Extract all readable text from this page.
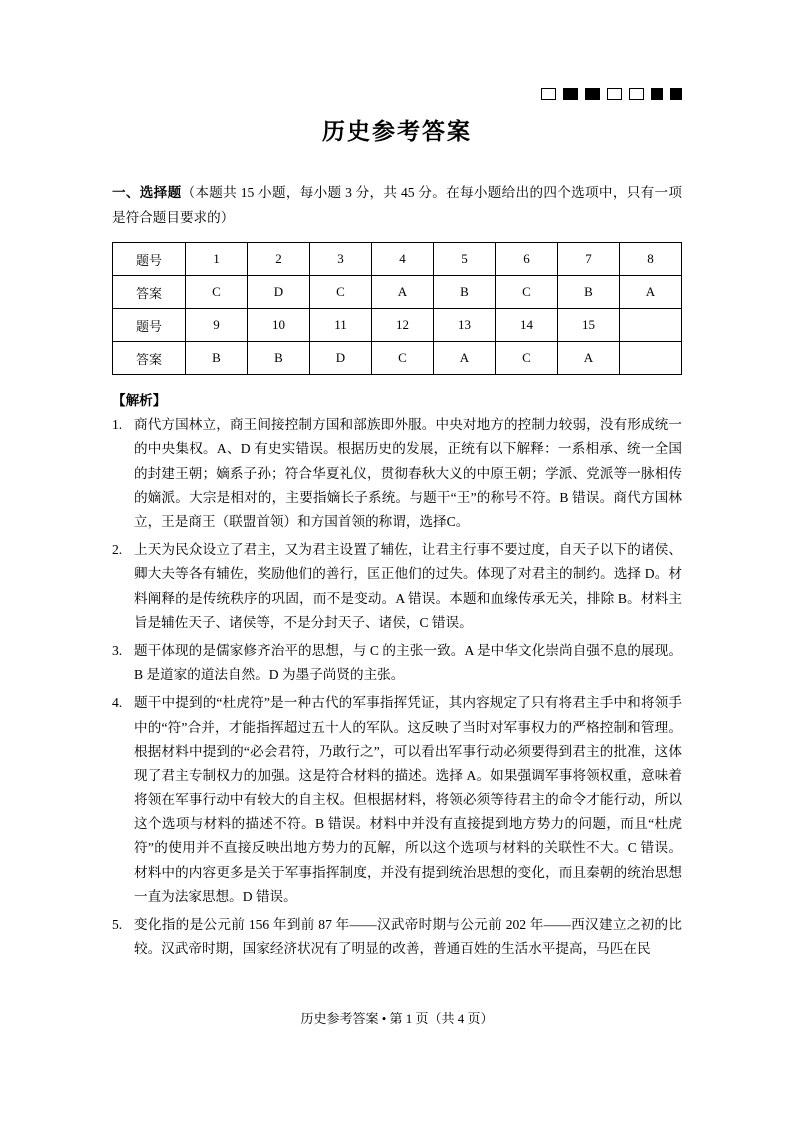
历史参考答案
一、选择题（本题共 15 小题，每小题 3 分，共 45 分。在每小题给出的四个选项中，只有一项是符合题目要求的）
题号	1	2	3	4	5	6	7	8
答案	C	D	C	A	B	C	B	A
题号	9	10	11	12	13	14	15	
答案	B	B	D	C	A	C	A	
【解析】
1. 商代方国林立，商王间接控制方国和部族即外服。中央对地方的控制力较弱，没有形成统一的中央集权。A、D 有史实错误。根据历史的发展，正统有以下解释：一系相承、统一全国的封建王朝；嫡系子孙；符合华夏礼仪，贯彻春秋大义的中原王朝；学派、党派等一脉相传的嫡派。大宗是相对的，主要指嫡长子系统。与题干“王”的称号不符。B 错误。商代方国林立，王是商王（联盟首领）和方国首领的称谓，选择C。
2. 上天为民众设立了君主，又为君主设置了辅佐，让君主行事不要过度，自天子以下的诸侯、卿大夫等各有辅佐，奖励他们的善行，匡正他们的过失。体现了对君主的制约。选择 D。材料阐释的是传统秩序的巩固，而不是变动。A 错误。本题和血缘传承无关，排除 B。材料主旨是辅佐天子、诸侯等，不是分封天子、诸侯，C 错误。
3. 题干体现的是儒家修齐治平的思想，与 C 的主张一致。A 是中华文化崇尚自强不息的展现。B 是道家的道法自然。D 为墨子尚贤的主张。
4. 题干中提到的“杜虎符”是一种古代的军事指挥凭证，其内容规定了只有将君主手中和将领手中的“符”合并，才能指挥超过五十人的军队。这反映了当时对军事权力的严格控制和管理。根据材料中提到的“必会君符，乃敢行之”，可以看出军事行动必须要得到君主的批准，这体现了君主专制权力的加强。这是符合材料的描述。选择 A。如果强调军事将领权重，意味着将领在军事行动中有较大的自主权。但根据材料，将领必须等待君主的命令才能行动，所以这个选项与材料的描述不符。B 错误。材料中并没有直接提到地方势力的问题，而且“杜虎符”的使用并不直接反映出地方势力的瓦解，所以这个选项与材料的关联性不大。C 错误。材料中的内容更多是关于军事指挥制度，并没有提到统治思想的变化，而且秦朝的统治思想一直为法家思想。D 错误。
5. 变化指的是公元前 156 年到前 87 年——汉武帝时期与公元前 202 年——西汉建立之初的比较。汉武帝时期，国家经济状况有了明显的改善，普通百姓的生活水平提高，马匹在民
历史参考答案 • 第 1 页（共 4 页）
